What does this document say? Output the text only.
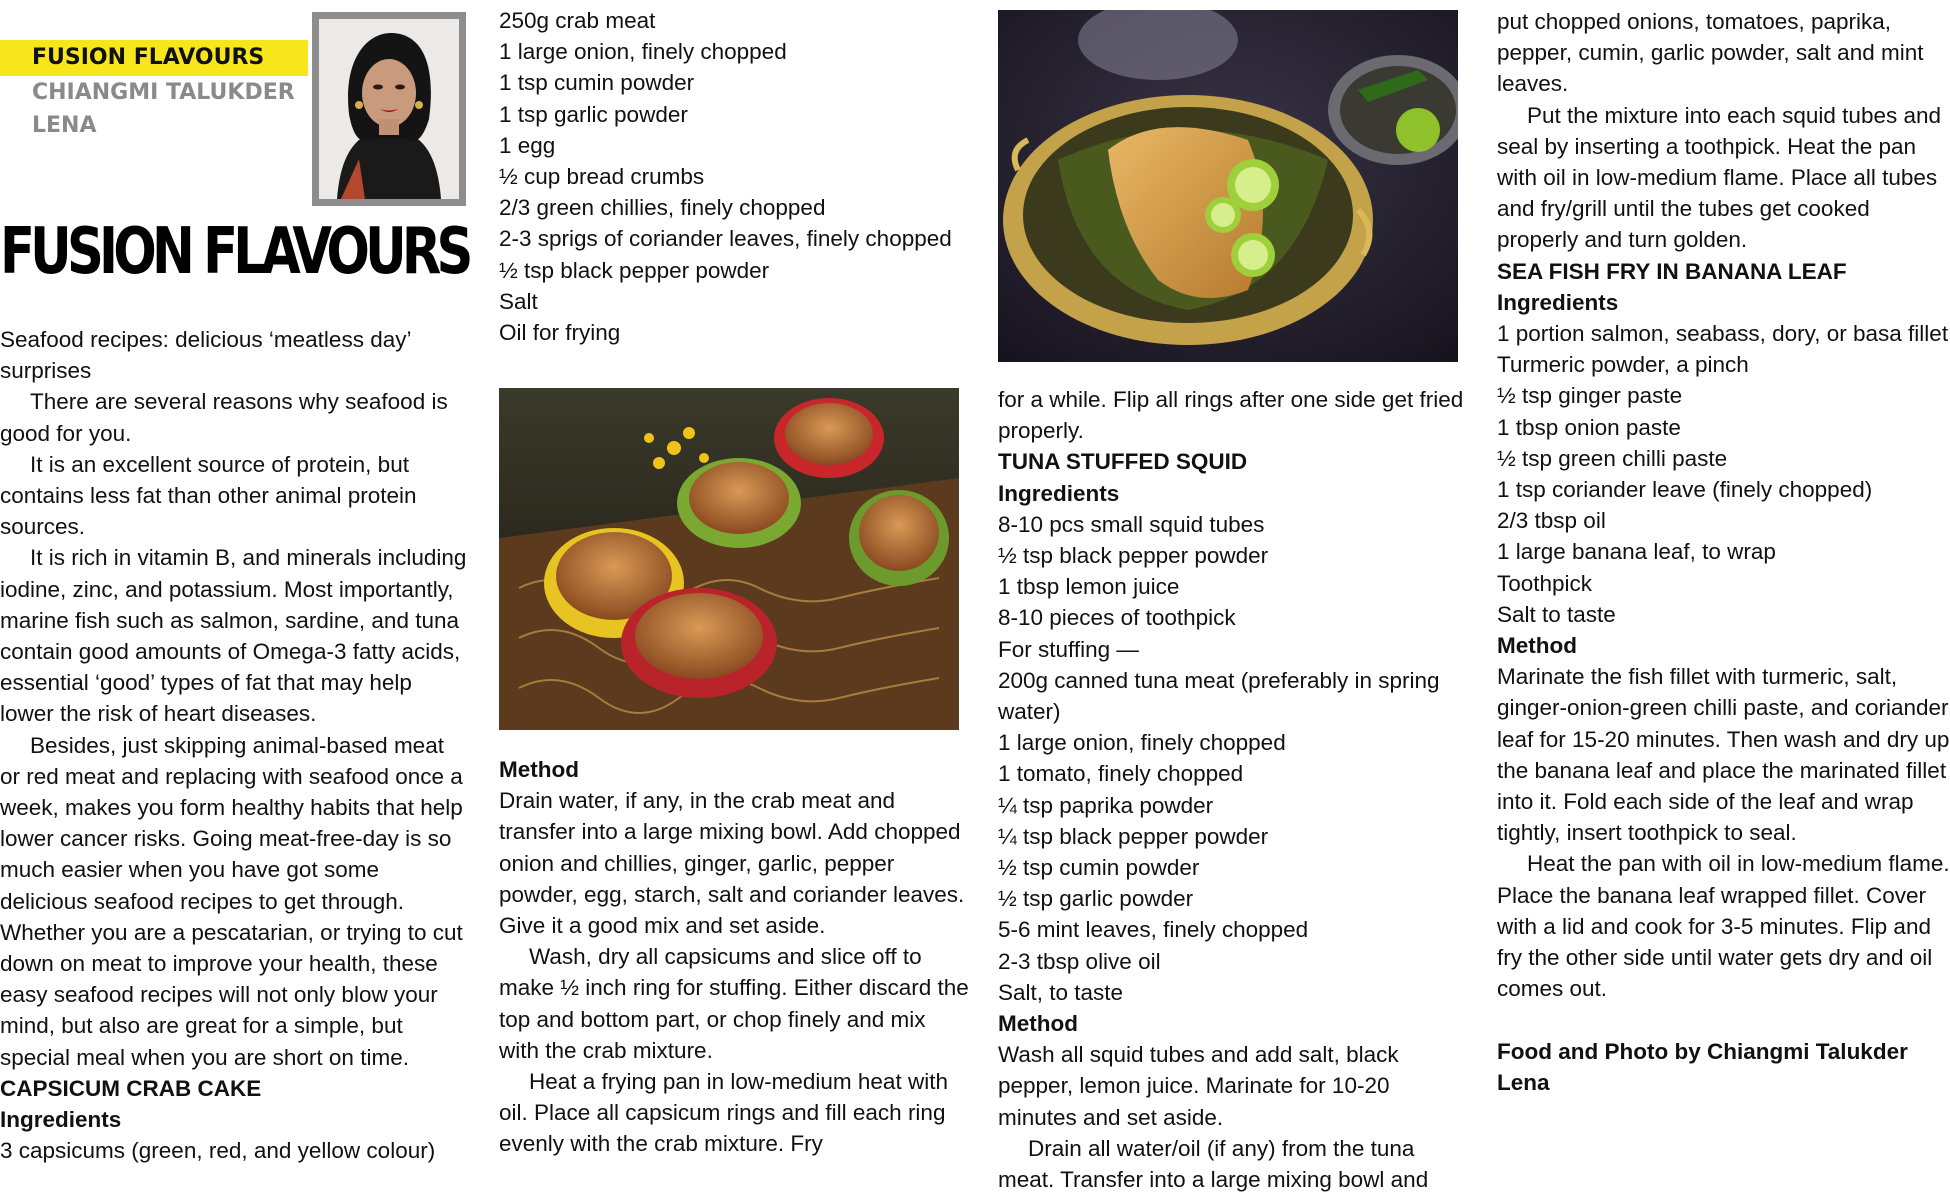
FUSION FLAVOURS
CHIANGMI TALUKDER
LENA
FUSION FLAVOURS

Seafood recipes: delicious ‘meatless day’ surprises

There are several reasons why seafood is good for you.

It is an excellent source of protein, but contains less fat than other animal protein sources.

It is rich in vitamin B, and minerals including iodine, zinc, and potassium. Most importantly, marine fish such as salmon, sardine, and tuna contain good amounts of Omega-3 fatty acids, essential ‘good’ types of fat that may help lower the risk of heart diseases.

Besides, just skipping animal-based meat or red meat and replacing with seafood once a week, makes you form healthy habits that help lower cancer risks. Going meat-free-day is so much easier when you have got some delicious seafood recipes to get through. Whether you are a pescatarian, or trying to cut down on meat to improve your health, these easy seafood recipes will not only blow your mind, but also are great for a simple, but special meal when you are short on time.

CAPSICUM CRAB CAKE

Ingredients

3 capsicums (green, red, and yellow colour)

250g crab meat

1 large onion, finely chopped

1 tsp cumin powder

1 tsp garlic powder

1 egg

½ cup bread crumbs

2/3 green chillies, finely chopped

2-3 sprigs of coriander leaves, finely chopped

½ tsp black pepper powder

Salt

Oil for frying

Method

Drain water, if any, in the crab meat and transfer into a large mixing bowl. Add chopped onion and chillies, ginger, garlic, pepper powder, egg, starch, salt and coriander leaves. Give it a good mix and set aside.

Wash, dry all capsicums and slice off to make ½ inch ring for stuffing. Either discard the top and bottom part, or chop finely and mix with the crab mixture.

Heat a frying pan in low-medium heat with oil. Place all capsicum rings and fill each ring evenly with the crab mixture. Fry

for a while. Flip all rings after one side get fried properly.

TUNA STUFFED SQUID

Ingredients

8-10 pcs small squid tubes

½ tsp black pepper powder

1 tbsp lemon juice

8-10 pieces of toothpick

For stuffing —

200g canned tuna meat (preferably in spring water)

1 large onion, finely chopped

1 tomato, finely chopped

¼ tsp paprika powder

¼ tsp black pepper powder

½ tsp cumin powder

½ tsp garlic powder

5-6 mint leaves, finely chopped

2-3 tbsp olive oil

Salt, to taste

Method

Wash all squid tubes and add salt, black pepper, lemon juice. Marinate for 10-20 minutes and set aside.

Drain all water/oil (if any) from the tuna meat. Transfer into a large mixing bowl and

put chopped onions, tomatoes, paprika, pepper, cumin, garlic powder, salt and mint leaves.

Put the mixture into each squid tubes and seal by inserting a toothpick. Heat the pan with oil in low-medium flame. Place all tubes and fry/grill until the tubes get cooked properly and turn golden.

SEA FISH FRY IN BANANA LEAF

Ingredients

1 portion salmon, seabass, dory, or basa fillet

Turmeric powder, a pinch

½ tsp ginger paste

1 tbsp onion paste

½ tsp green chilli paste

1 tsp coriander leave (finely chopped)

2/3 tbsp oil

1 large banana leaf, to wrap

Toothpick

Salt to taste

Method

Marinate the fish fillet with turmeric, salt, ginger-onion-green chilli paste, and coriander leaf for 15-20 minutes. Then wash and dry up the banana leaf and place the marinated fillet into it. Fold each side of the leaf and wrap tightly, insert toothpick to seal.

Heat the pan with oil in low-medium flame. Place the banana leaf wrapped fillet. Cover with a lid and cook for 3-5 minutes. Flip and fry the other side until water gets dry and oil comes out.

Food and Photo by Chiangmi Talukder Lena
